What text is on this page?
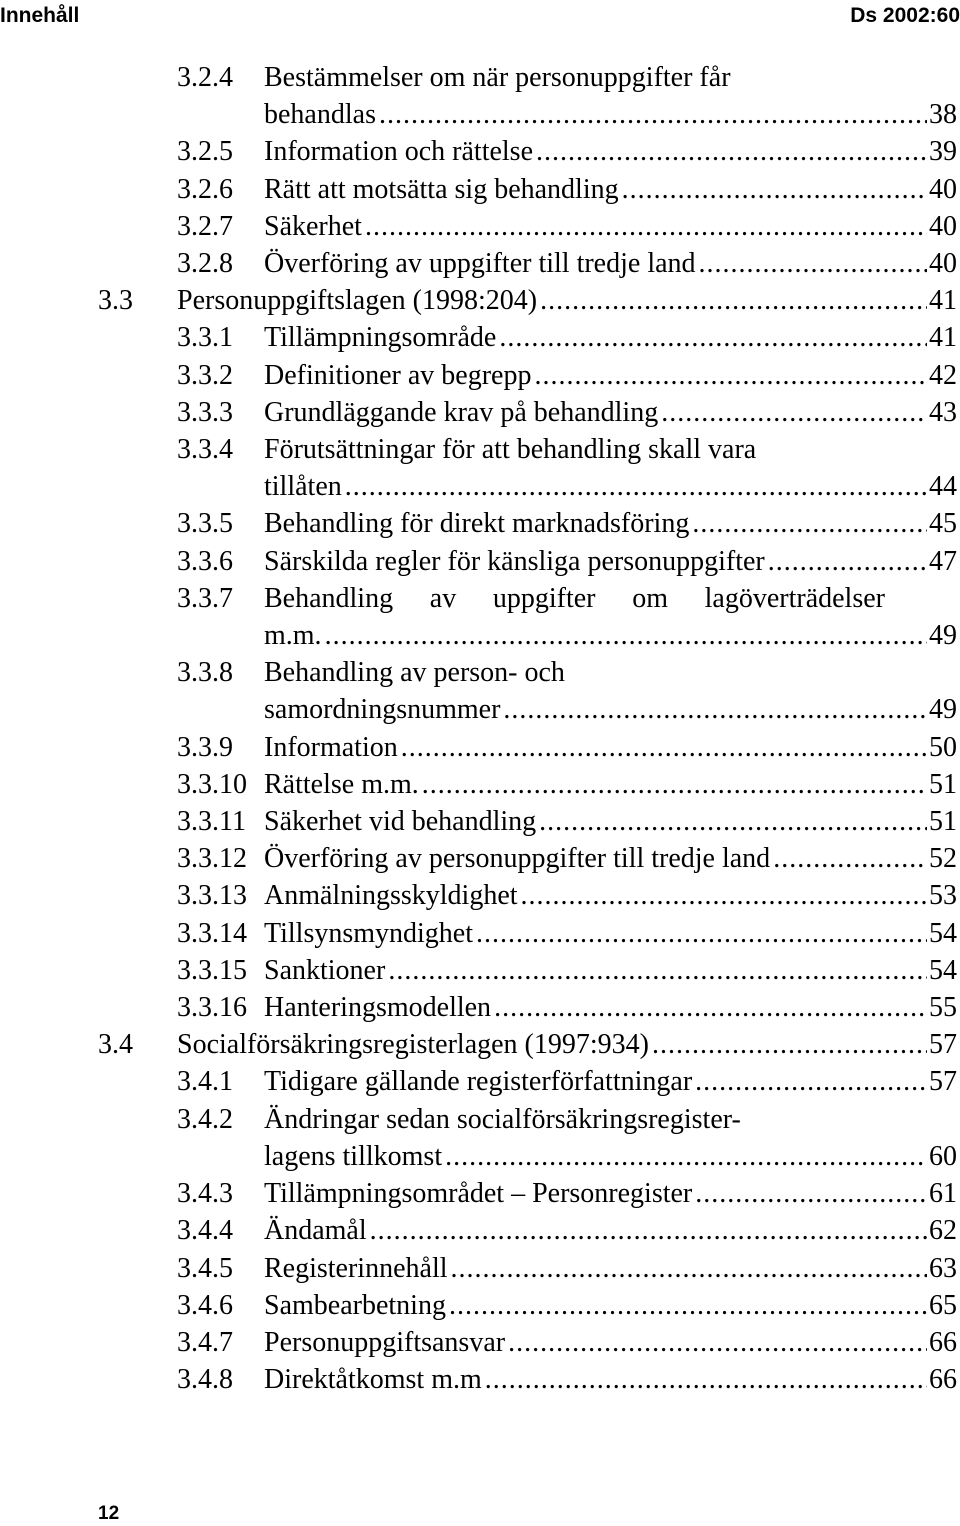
Innehåll	Ds 2002:60
3.2.4 Bestämmelser om när personuppgifter får
behandlas .....	38
3.2.5 Information och rättelse .....	39
3.2.6 Rätt att motsätta sig behandling .....	40
3.2.7 Säkerhet .....	40
3.2.8 Överföring av uppgifter till tredje land .....	40
3.3 Personuppgiftslagen (1998:204) .....	41
3.3.1 Tillämpningsområde .....	41
3.3.2 Definitioner av begrepp .....	42
3.3.3 Grundläggande krav på behandling .....	43
3.3.4 Förutsättningar för att behandling skall vara
tillåten .....	44
3.3.5 Behandling för direkt marknadsföring .....	45
3.3.6 Särskilda regler för känsliga personuppgifter .....	47
3.3.7 Behandling av uppgifter om lagöverträdelser
m.m. .....	49
3.3.8 Behandling av person- och
samordningsnummer .....	49
3.3.9 Information .....	50
3.3.10 Rättelse m.m. .....	51
3.3.11 Säkerhet vid behandling .....	51
3.3.12 Överföring av personuppgifter till tredje land .....	52
3.3.13 Anmälningsskyldighet .....	53
3.3.14 Tillsynsmyndighet .....	54
3.3.15 Sanktioner .....	54
3.3.16 Hanteringsmodellen .....	55
3.4 Socialförsäkringsregisterlagen (1997:934) .....	57
3.4.1 Tidigare gällande registerförfattningar .....	57
3.4.2 Ändringar sedan socialförsäkringsregister-
lagens tillkomst .....	60
3.4.3 Tillämpningsområdet – Personregister .....	61
3.4.4 Ändamål .....	62
3.4.5 Registerinnehåll .....	63
3.4.6 Sambearbetning .....	65
3.4.7 Personuppgiftsansvar .....	66
3.4.8 Direktåtkomst m.m .....	66
12
